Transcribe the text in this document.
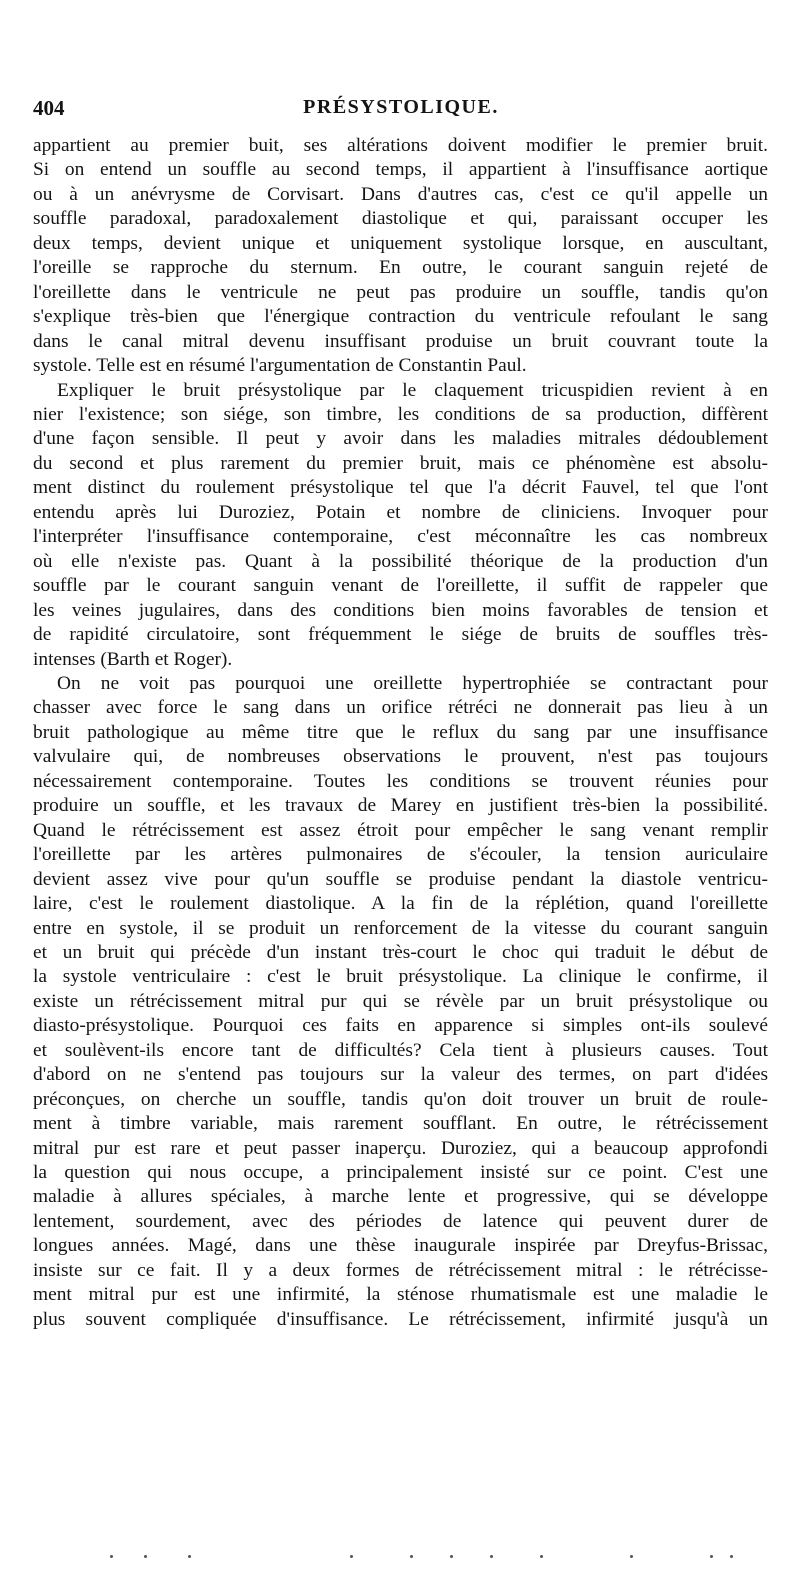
404	PRÉSYSTOLIQUE.
appartient au premier buit, ses altérations doivent modifier le premier bruit.
Si on entend un souffle au second temps, il appartient à l'insuffisance aortique
ou à un anévrysme de Corvisart. Dans d'autres cas, c'est ce qu'il appelle un
souffle paradoxal, paradoxalement diastolique et qui, paraissant occuper les
deux temps, devient unique et uniquement systolique lorsque, en auscultant,
l'oreille se rapproche du sternum. En outre, le courant sanguin rejeté de
l'oreillette dans le ventricule ne peut pas produire un souffle, tandis qu'on
s'explique très-bien que l'énergique contraction du ventricule refoulant le sang
dans le canal mitral devenu insuffisant produise un bruit couvrant toute la
systole. Telle est en résumé l'argumentation de Constantin Paul.
Expliquer le bruit présystolique par le claquement tricuspidien revient à en
nier l'existence; son siége, son timbre, les conditions de sa production, diffèrent
d'une façon sensible. Il peut y avoir dans les maladies mitrales dédoublement
du second et plus rarement du premier bruit, mais ce phénomène est absolu-
ment distinct du roulement présystolique tel que l'a décrit Fauvel, tel que l'ont
entendu après lui Duroziez, Potain et nombre de cliniciens. Invoquer pour
l'interpréter l'insuffisance contemporaine, c'est méconnaître les cas nombreux
où elle n'existe pas. Quant à la possibilité théorique de la production d'un
souffle par le courant sanguin venant de l'oreillette, il suffit de rappeler que
les veines jugulaires, dans des conditions bien moins favorables de tension et
de rapidité circulatoire, sont fréquemment le siége de bruits de souffles très-
intenses (Barth et Roger).
On ne voit pas pourquoi une oreillette hypertrophiée se contractant pour
chasser avec force le sang dans un orifice rétréci ne donnerait pas lieu à un
bruit pathologique au même titre que le reflux du sang par une insuffisance
valvulaire qui, de nombreuses observations le prouvent, n'est pas toujours
nécessairement contemporaine. Toutes les conditions se trouvent réunies pour
produire un souffle, et les travaux de Marey en justifient très-bien la possibilité.
Quand le rétrécissement est assez étroit pour empêcher le sang venant remplir
l'oreillette par les artères pulmonaires de s'écouler, la tension auriculaire
devient assez vive pour qu'un souffle se produise pendant la diastole ventricu-
laire, c'est le roulement diastolique. A la fin de la réplétion, quand l'oreillette
entre en systole, il se produit un renforcement de la vitesse du courant sanguin
et un bruit qui précède d'un instant très-court le choc qui traduit le début de
la systole ventriculaire : c'est le bruit présystolique. La clinique le confirme, il
existe un rétrécissement mitral pur qui se révèle par un bruit présystolique ou
diasto-présystolique. Pourquoi ces faits en apparence si simples ont-ils soulevé
et soulèvent-ils encore tant de difficultés? Cela tient à plusieurs causes. Tout
d'abord on ne s'entend pas toujours sur la valeur des termes, on part d'idées
préconçues, on cherche un souffle, tandis qu'on doit trouver un bruit de roule-
ment à timbre variable, mais rarement soufflant. En outre, le rétrécissement
mitral pur est rare et peut passer inaperçu. Duroziez, qui a beaucoup approfondi
la question qui nous occupe, a principalement insisté sur ce point. C'est une
maladie à allures spéciales, à marche lente et progressive, qui se développe
lentement, sourdement, avec des périodes de latence qui peuvent durer de
longues années. Magé, dans une thèse inaugurale inspirée par Dreyfus-Brissac,
insiste sur ce fait. Il y a deux formes de rétrécissement mitral : le rétrécisse-
ment mitral pur est une infirmité, la sténose rhumatismale est une maladie le
plus souvent compliquée d'insuffisance. Le rétrécissement, infirmité jusqu'à un
